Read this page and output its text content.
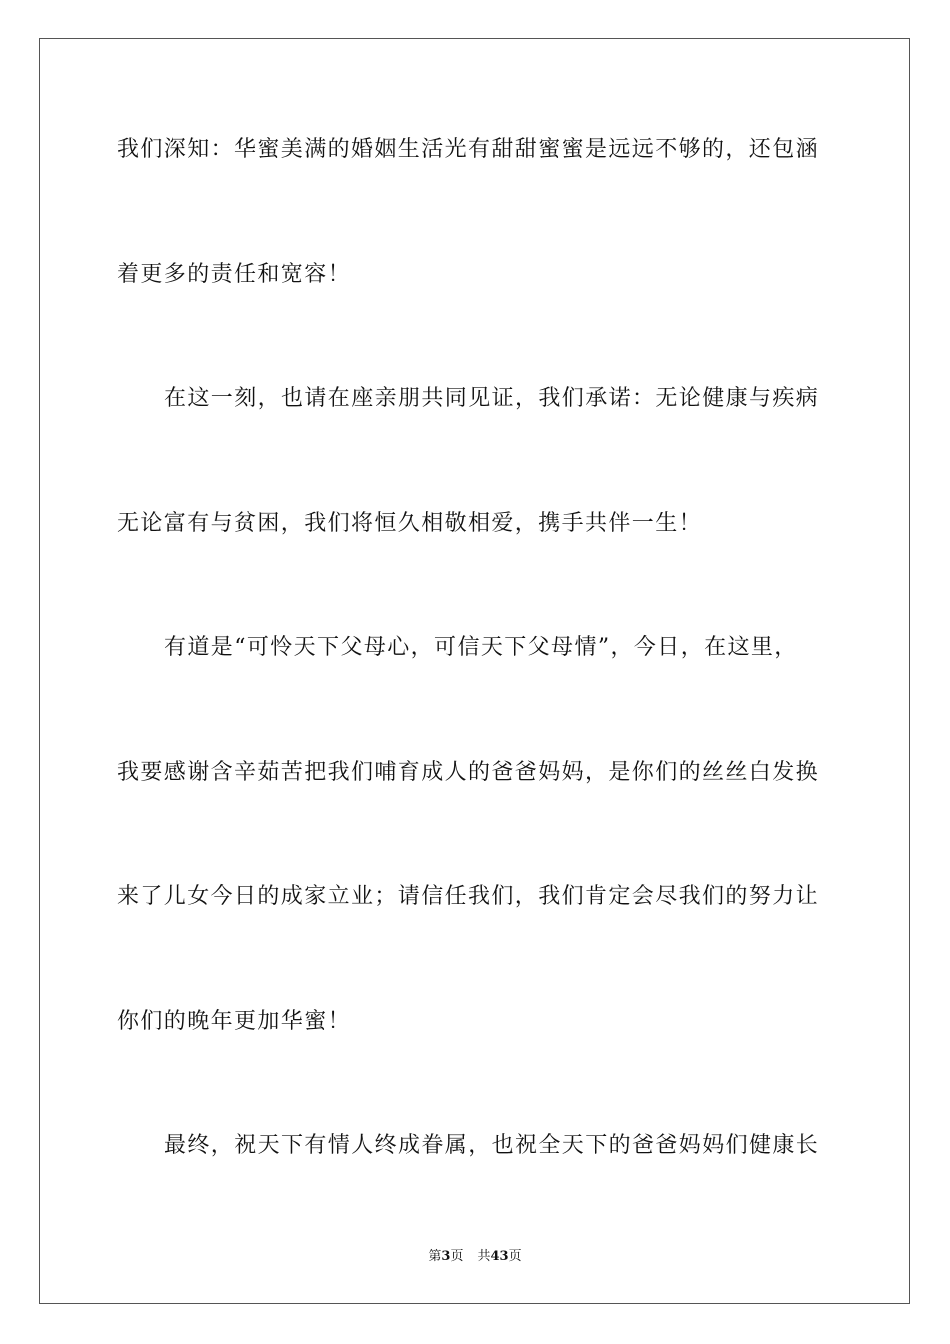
我们深知：华蜜美满的婚姻生活光有甜甜蜜蜜是远远不够的，还包涵
着更多的责任和宽容！
在这一刻，也请在座亲朋共同见证，我们承诺：无论健康与疾病
无论富有与贫困，我们将恒久相敬相爱，携手共伴一生！
有道是“可怜天下父母心，可信天下父母情”，今日，在这里，
我要感谢含辛茹苦把我们哺育成人的爸爸妈妈，是你们的丝丝白发换
来了儿女今日的成家立业；请信任我们，我们肯定会尽我们的努力让
你们的晚年更加华蜜！
最终，祝天下有情人终成眷属，也祝全天下的爸爸妈妈们健康长
第3页 共43页
